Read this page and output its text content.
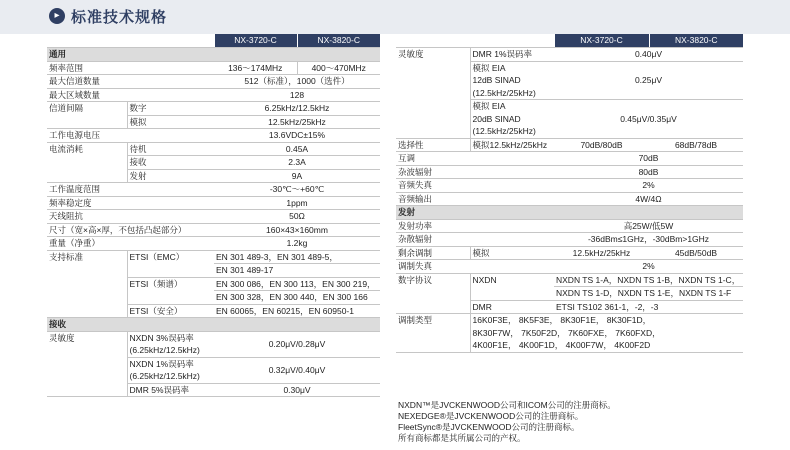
▸ 标准技术规格
		NX-3720-C	NX-3820-C
通用			
频率范围		136～174MHz	400～470MHz
最大信道数量		512（标准），1000（选件）	
最大区域数量		128	
信道间隔	数字	6.25kHz/12.5kHz	
	模拟	12.5kHz/25kHz	
工作电源电压		13.6VDC±15%	
电流消耗	待机	0.45A	
	接收	2.3A	
	发射	9A	
工作温度范围		-30℃～+60℃	
频率稳定度		1ppm	
天线阻抗		50Ω	
尺寸（宽×高×厚，不包括凸起部分）		160×43×160mm	
重量（净重）		1.2kg	
支持标准	ETSI（EMC）	EN 301 489-3，EN 301 489-5，	
		EN 301 489-17	
	ETSI（频谱）	EN 300 086，EN 300 113，EN 300 219，	
		EN 300 328，EN 300 440，EN 300 166	
	ETSI（安全）	EN 60065，EN 60215，EN 60950-1	
接收			
灵敏度	NXDN 3%误码率	0.20μV/0.28μV	
	(6.25kHz/12.5kHz)		
	NXDN 1%误码率	0.32μV/0.40μV	
	(6.25kHz/12.5kHz)		
	DMR 5%误码率	0.30μV	
		NX-3720-C	NX-3820-C
灵敏度	DMR 1%误码率	0.40μV	
	模拟 EIA	0.25μV	
	12dB SINAD		
	(12.5kHz/25kHz)		
	模拟 EIA	0.45μV/0.35μV	
	20dB SINAD		
	(12.5kHz/25kHz)		
选择性	模拟12.5kHz/25kHz	70dB/80dB	68dB/78dB
互调		70dB	
杂波辐射		80dB	
音频失真		2%	
音频输出		4W/4Ω	
发射			
发射功率		高25W/低5W	
杂散辐射		-36dBm≤1GHz，-30dBm>1GHz	
剩余调制	模拟	12.5kHz/25kHz	45dB/50dB
调制失真		2%	
数字协议	NXDN	NXDN TS 1-A，NXDN TS 1-B，NXDN TS 1-C，	
		NXDN TS 1-D，NXDN TS 1-E，NXDN TS 1-F	
	DMR	ETSI TS102 361-1，-2，-3	
调制类型	16K0F3E， 8K5F3E， 8K30F1E， 8K30F1D，		
	8K30F7W， 7K50F2D， 7K60FXE， 7K60FXD，		
	4K00F1E， 4K00F1D， 4K00F7W， 4K00F2D		
NXDN™是JVCKENWOOD公司和ICOM公司的注册商标。
NEXEDGE®是JVCKENWOOD公司的注册商标。
FleetSync®是JVCKENWOOD公司的注册商标。
所有商标都是其所属公司的产权。
